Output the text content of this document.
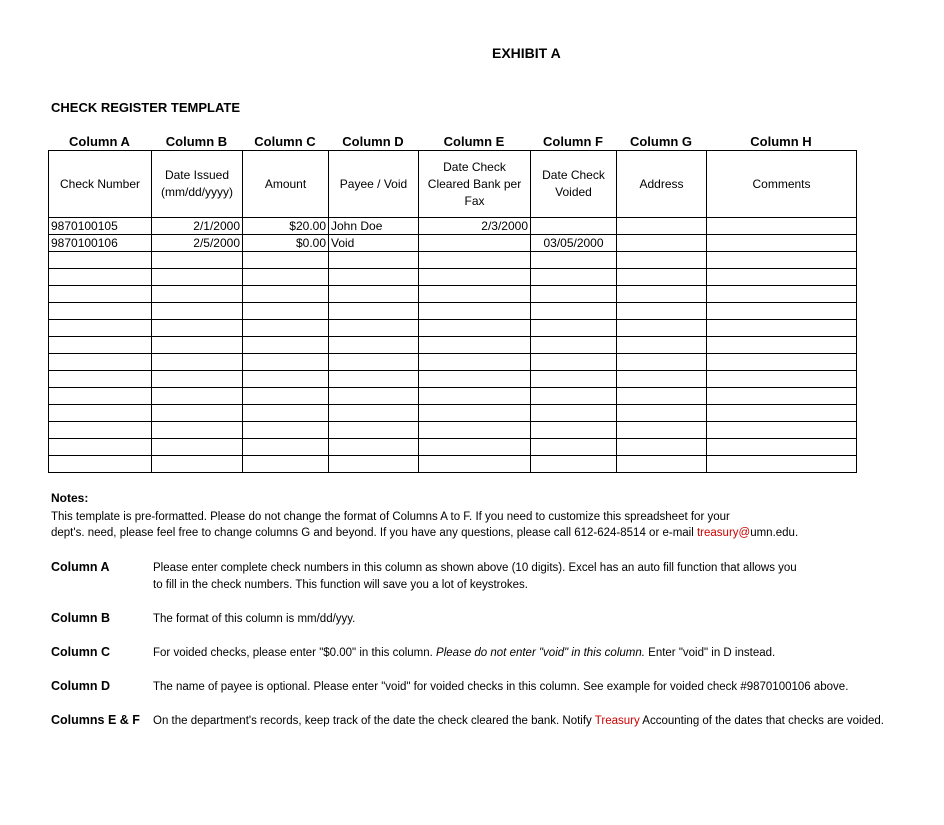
EXHIBIT A
CHECK REGISTER TEMPLATE
Column A	Column B	Column C	Column D	Column E	Column F	Column G	Column H
Check Number	Date Issued (mm/dd/yyyy)	Amount	Payee / Void	Date Check Cleared Bank per Fax	Date Check Voided	Address	Comments
9870100105	2/1/2000	$20.00	John Doe	2/3/2000			
9870100106	2/5/2000	$0.00	Void		03/05/2000		

Notes:
This template is pre-formatted. Please do not change the format of Columns A to F. If you need to customize this spreadsheet for your
dept's. need, please feel free to change columns G and beyond. If you have any questions, please call 612-624-8514 or e-mail treasury@umn.edu.
Column A	Please enter complete check numbers in this column as shown above (10 digits). Excel has an auto fill function that allows you
to fill in the check numbers. This function will save you a lot of keystrokes.
Column B	The format of this column is mm/dd/yyy.
Column C	For voided checks, please enter "$0.00" in this column. Please do not enter "void" in this column. Enter "void" in D instead.
Column D	The name of payee is optional. Please enter "void" for voided checks in this column. See example for voided check #9870100106 above.
Columns E & F On the department's records, keep track of the date the check cleared the bank. Notify Treasury Accounting of the dates that checks are voided.
